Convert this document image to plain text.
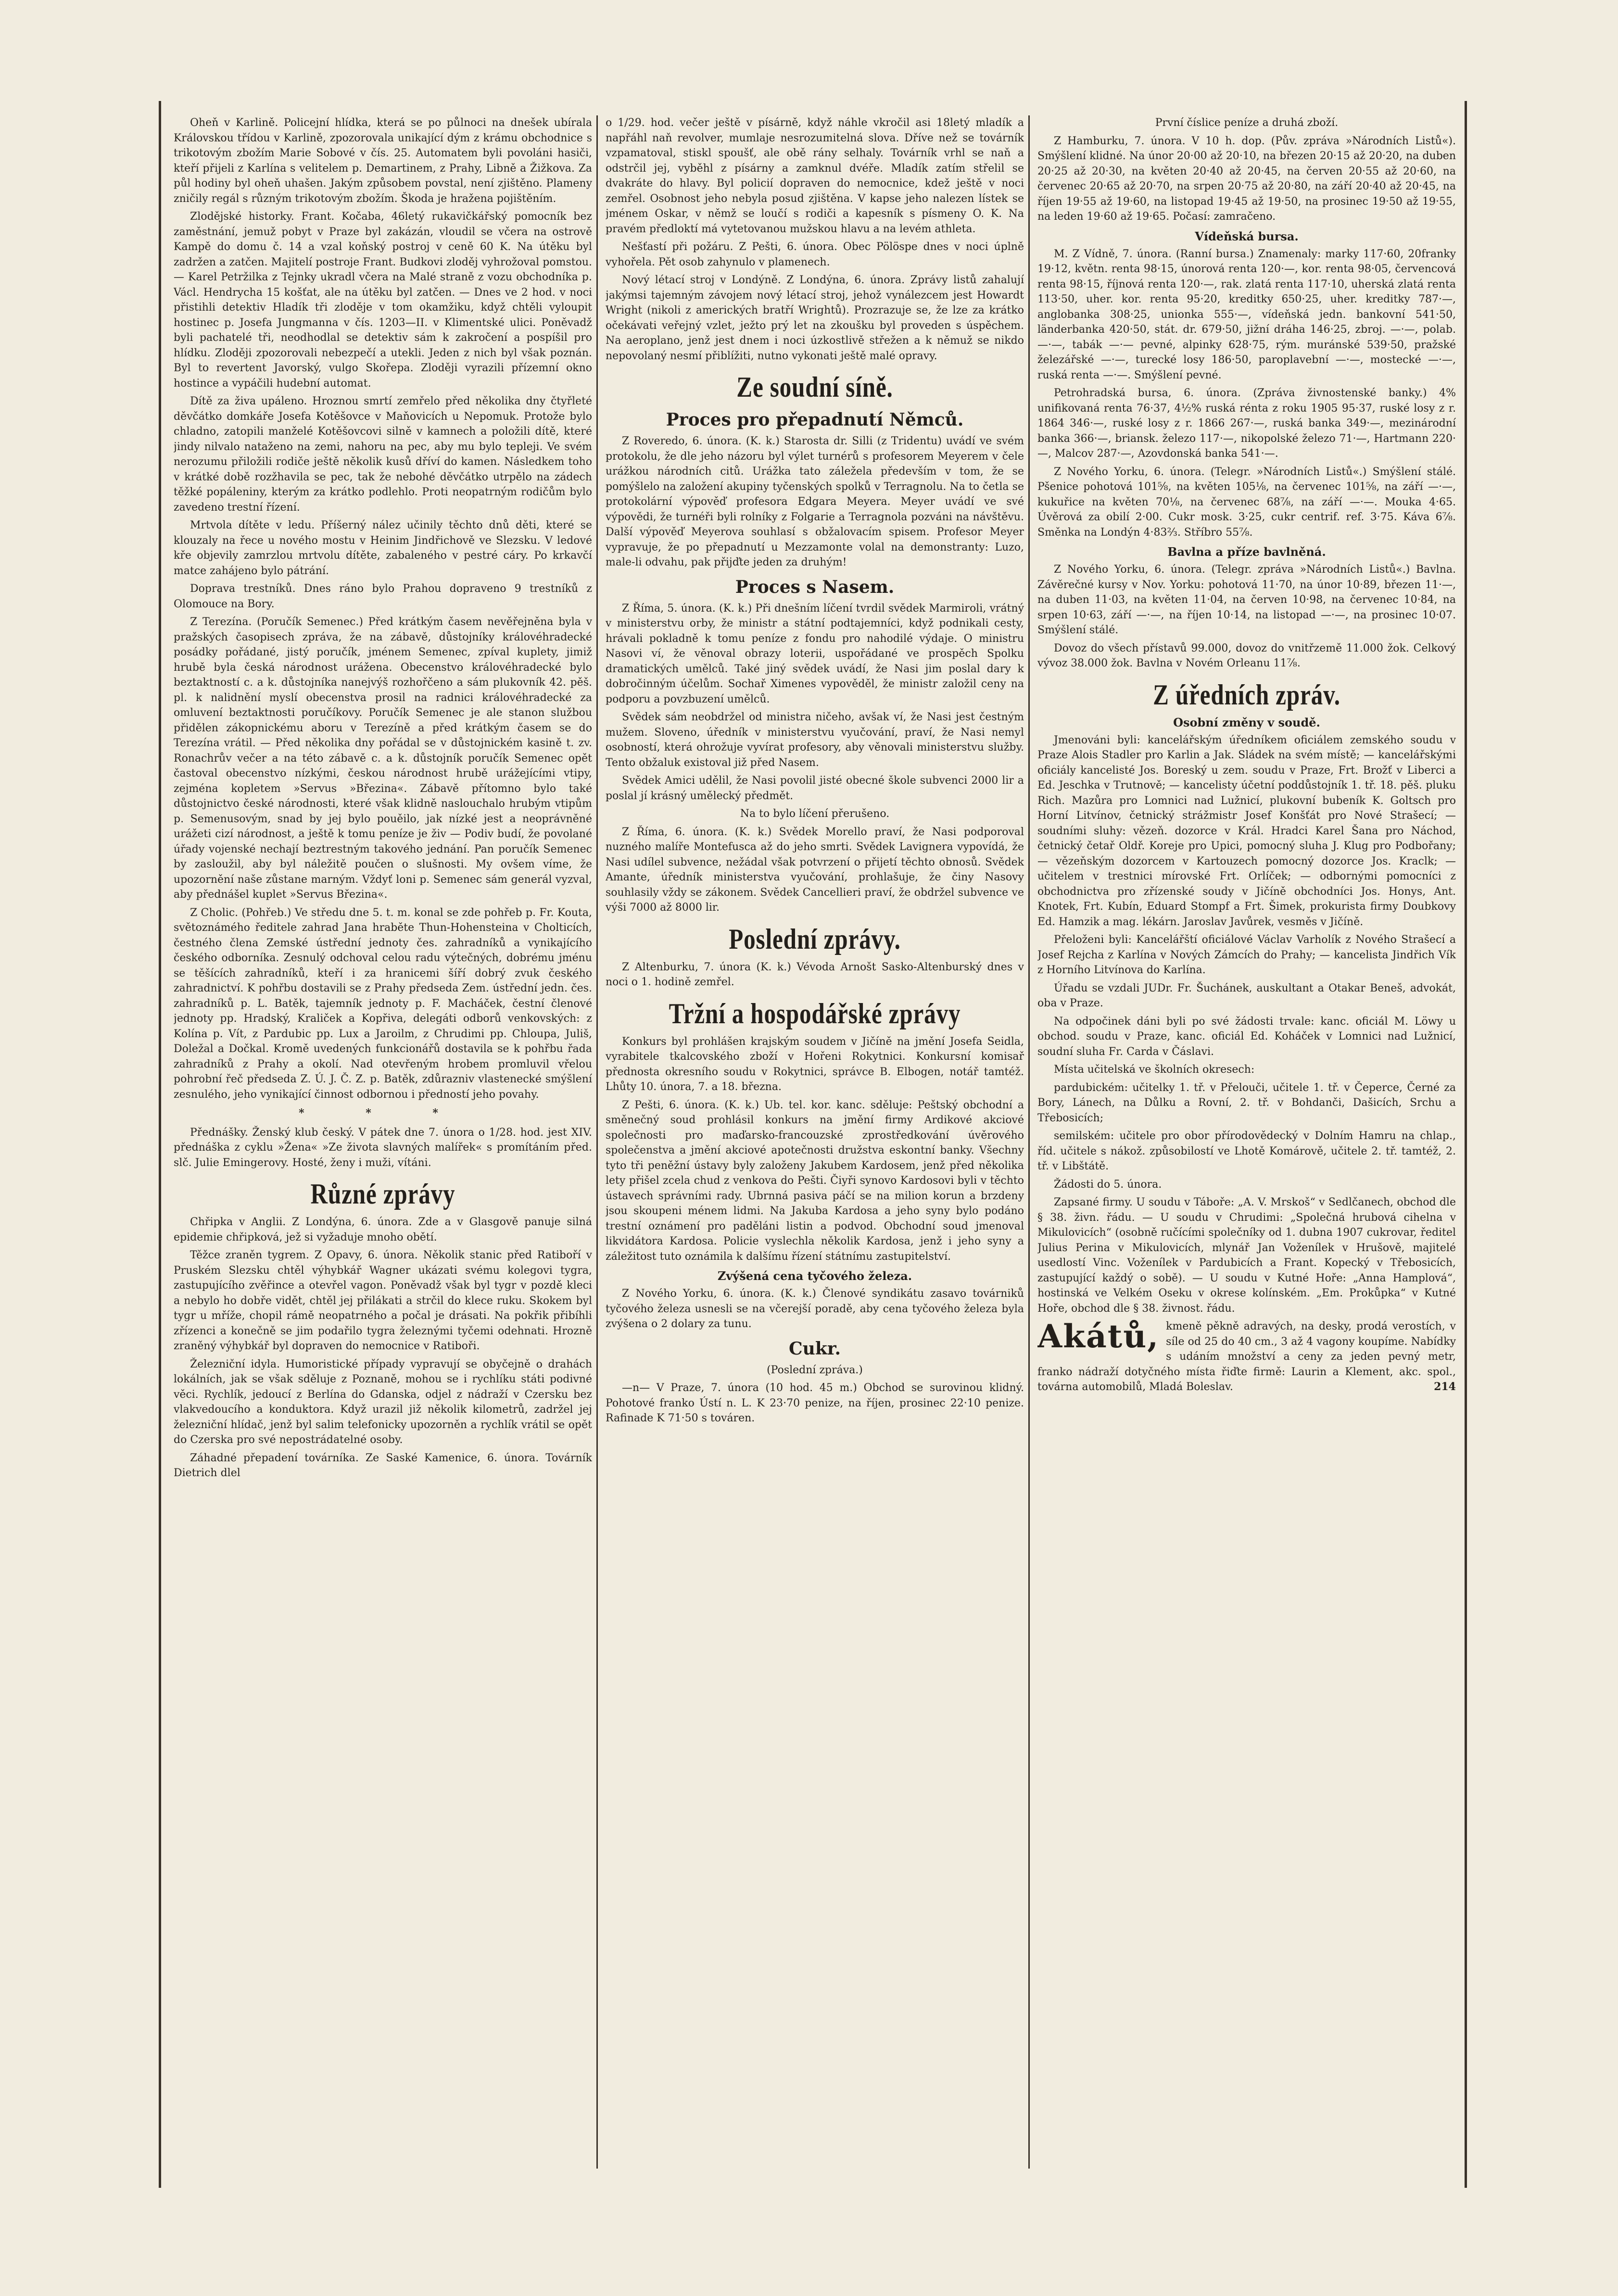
Oheň v Karlině. Policejní hlídka, která se po půlnoci na dnešek ubírala Královskou třídou v Karlině, zpozorovala unikající dým z krámu obchodnice s trikotovým zbožím Marie Sobové v čís. 25. Automatem byli povoláni hasiči, kteří přijeli z Karlína s velitelem p. Demartinem, z Prahy, Libně a Žižkova. Za půl hodiny byl oheň uhašen. Jakým způsobem povstal, není zjištěno. Plameny zničily regál s různým trikotovým zbožím. Škoda je hražena pojištěním.

Zlodějské historky. Frant. Kočaba, 46letý rukavičkářský pomocník bez zaměstnání, jemuž pobyt v Praze byl zakázán, vloudil se včera na ostrově Kampě do domu č. 14 a vzal koňský postroj v ceně 60 K. Na útěku byl zadržen a zatčen. Majitelí postroje Frant. Budkovi zloděj vyhrožoval pomstou. — Karel Petržilka z Tejnky ukradl včera na Malé straně z vozu obchodníka p. Václ. Hendrycha 15 košťat, ale na útěku byl zatčen. — Dnes ve 2 hod. v noci přistihli detektiv Hladík tři zloděje v tom okamžiku, když chtěli vyloupit hostinec p. Josefa Jungmanna v čís. 1203—II. v Klimentské ulici. Poněvadž byli pachatelé tři, neodhodlal se detektiv sám k zakročení a pospíšil pro hlídku. Zloději zpozorovali nebezpečí a utekli. Jeden z nich byl však poznán. Byl to revertent Javorský, vulgo Skořepa. Zloději vyrazili přízemní okno hostince a vypáčili hudební automat.

Dítě za živa upáleno. Hroznou smrtí zemřelo před několika dny čtyřleté děvčátko domkáře Josefa Kotěšovce v Maňovicích u Nepomuk. Protože bylo chladno, zatopili manželé Kotěšovcovi silně v kamnech a položili dítě, které jindy nilvalo nataženo na zemi, nahoru na pec, aby mu bylo tepleji. Ve svém nerozumu přiložili rodiče ještě několik kusů dříví do kamen. Následkem toho v krátké době rozžhavila se pec, tak že nebohé děvčátko utrpělo na zádech těžké popáleniny, kterým za krátko podlehlo. Proti neopatrným rodičům bylo zavedeno trestní řízení.

Mrtvola dítěte v ledu. Příšerný nález učinily těchto dnů děti, které se klouzaly na řece u nového mostu v Heinim Jindřichově ve Slezsku. V ledové kře objevily zamrzlou mrtvolu dítěte, zabaleného v pestré cáry. Po krkavčí matce zahájeno bylo pátrání.

Doprava trestníků. Dnes ráno bylo Prahou dopraveno 9 trestníků z Olomouce na Bory.

Z Terezína. (Poručík Semenec.) Před krátkým časem nevěřejněna byla v pražských časopisech zpráva, že na zábavě, důstojníky královéhradecké posádky pořádané, jistý poručík, jménem Semenec, zpíval kuplety, jimiž hrubě byla česká národnost urážena. Obecenstvo královéhradecké bylo beztaktností c. a k. důstojníka nanejvýš rozhořčeno a sám plukovník 42. pěš. pl. k nalidnění myslí obecenstva prosil na radnici královéhradecké za omluvení beztaktnosti poručíkovy. Poručík Semenec je ale stanon službou přidělen zákopnickému aboru v Terezíně a před krátkým časem se do Terezína vrátil. — Před několika dny pořádal se v důstojnickém kasině t. zv. Ronachrův večer a na této zábavě c. a k. důstojník poručík Semenec opět častoval obecenstvo nízkými, českou národnost hrubě urážejícími vtipy, zejména kopletem »Servus »Březina«. Zábavě přítomno bylo také důstojnictvo české národnosti, které však klidně naslouchalo hrubým vtipům p. Semenusovým, snad by jej bylo pouěilo, jak nízké jest a neoprávněné urážeti cizí národnost, a ještě k tomu peníze je živ — Podiv budí, že povolané úřady vojenské nechají beztrestným takového jednání. Pan poručík Semenec by zasloužil, aby byl náležitě poučen o slušnosti. My ovšem víme, že upozornění naše zůstane marným. Vždyť loni p. Semenec sám generál vyzval, aby přednášel kuplet »Servus Březina«.

Z Cholic. (Pohřeb.) Ve středu dne 5. t. m. konal se zde pohřeb p. Fr. Kouta, světoznámého ředitele zahrad Jana hraběte Thun-Hohensteina v Cholticích, čestného člena Zemské ústřední jednoty čes. zahradníků a vynikajícího českého odborníka. Zesnulý odchoval celou radu výtečných, dobrému jménu se těšících zahradníků, kteří i za hranicemi šíří dobrý zvuk českého zahradnictví. K pohřbu dostavili se z Prahy předseda Zem. ústřední jedn. čes. zahradníků p. L. Batěk, tajemník jednoty p. F. Macháček, čestní členové jednoty pp. Hradský, Kraliček a Kopřiva, delegáti odborů venkovských: z Kolína p. Vít, z Pardubic pp. Lux a Jaroilm, z Chrudimi pp. Chloupa, Juliš, Doležal a Dočkal. Kromě uvedených funkcionářů dostavila se k pohřbu řada zahradníků z Prahy a okolí. Nad otevřeným hrobem promluvil vřelou pohrobní řeč předseda Z. Ú. J. Č. Z. p. Batěk, zdůrazniv vlastenecké smýšlení zesnulého, jeho vynikající činnost odbornou i předností jeho povahy.

* * *

Přednášky. Ženský klub český. V pátek dne 7. února o 1/28. hod. jest XIV. přednáška z cyklu »Žena« »Ze života slavných malířek« s promítáním před. slč. Julie Emingerovy. Hosté, ženy i muži, vítáni.

Různé zprávy

Chřipka v Anglii. Z Londýna, 6. února. Zde a v Glasgově panuje silná epidemie chřipková, jež si vyžaduje mnoho obětí.

Těžce zraněn tygrem. Z Opavy, 6. února. Několik stanic před Ratiboří v Pruském Slezsku chtěl výhybkář Wagner ukázati svému kolegovi tygra, zastupujícího zvěřince a otevřel vagon. Poněvadž však byl tygr v pozdě kleci a nebylo ho dobře vidět, chtěl jej přilákati a strčil do klece ruku. Skokem byl tygr u mříže, chopil rámě neopatrného a počal je drásati. Na pokřik přibíhli zřízenci a konečně se jim podařilo tygra železnými tyčemi odehnati. Hrozně zraněný výhybkář byl dopraven do nemocnice v Ratiboři.

Železniční idyla. Humoristické případy vypravují se obyčejně o drahách lokálních, jak se však sděluje z Poznaně, mohou se i rychlíku státi podivné věci. Rychlík, jedoucí z Berlína do Gdanska, odjel z nádraží v Czersku bez vlakvedoucího a konduktora. Když urazil již několik kilometrů, zadržel jej železniční hlídač, jenž byl salim telefonicky upozorněn a rychlík vrátil se opět do Czerska pro své nepostrádatelné osoby.

Záhadné přepadení továrníka. Ze Saské Kamenice, 6. února. Továrník Dietrich dlel

o 1/29. hod. večer ještě v písárně, když náhle vkročil asi 18letý mladík a napřáhl naň revolver, mumlaje nesrozumitelná slova. Dříve než se továrník vzpamatoval, stiskl spoušť, ale obě rány selhaly. Továrník vrhl se naň a odstrčil jej, vyběhl z písárny a zamknul dvéře. Mladík zatím střelil se dvakráte do hlavy. Byl policií dopraven do nemocnice, kdež ještě v noci zemřel. Osobnost jeho nebyla posud zjištěna. V kapse jeho nalezen lístek se jménem Oskar, v němž se loučí s rodiči a kapesník s písmeny O. K. Na pravém předloktí má vytetovanou mužskou hlavu a na levém athleta.

Nešťastí při požáru. Z Pešti, 6. února. Obec Pölöspe dnes v noci úplně vyhořela. Pět osob zahynulo v plamenech.

Nový létací stroj v Londýně. Z Londýna, 6. února. Zprávy listů zahalují jakýmsi tajemným závojem nový létací stroj, jehož vynálezcem jest Howardt Wright (nikoli z amerických bratří Wrightů). Prozrazuje se, že lze za krátko očekávati veřejný vzlet, ježto prý let na zkoušku byl proveden s úspěchem. Na aeroplano, jenž jest dnem i noci úzkostlivě střežen a k němuž se nikdo nepovolaný nesmí přiblížiti, nutno vykonati ještě malé opravy.

Ze soudní síně.
Proces pro přepadnutí Němců.

Z Roveredo, 6. února. (K. k.) Starosta dr. Silli (z Tridentu) uvádí ve svém protokolu, že dle jeho názoru byl výlet turnérů s profesorem Meyerem v čele urážkou národních citů. Urážka tato záležela především v tom, že se pomýšlelo na založení akupiny tyčenských spolků v Terragnolu. Na to četla se protokolární výpověď profesora Edgara Meyera. Meyer uvádí ve své výpovědi, že turnéři byli rolníky z Folgarie a Terragnola pozváni na návštěvu. Další výpověď Meyerova souhlasí s obžalovacím spisem. Profesor Meyer vypravuje, že po přepadnutí u Mezzamonte volal na demonstranty: Luzo, male-li odvahu, pak přijďte jeden za druhým!

Proces s Nasem.

Z Říma, 5. února. (K. k.) Při dnešním líčení tvrdil svědek Marmiroli, vrátný v ministerstvu orby, že ministr a státní podtajemníci, když podnikali cesty, hrávali pokladně k tomu peníze z fondu pro nahodilé výdaje. O ministru Nasovi ví, že věnoval obrazy loterii, uspořádané ve prospěch Spolku dramatických umělců. Také jiný svědek uvádí, že Nasi jim poslal dary k dobročinným účelům. Sochař Ximenes vypověděl, že ministr založil ceny na podporu a povzbuzení umělců.

Svědek sám neobdržel od ministra ničeho, avšak ví, že Nasi jest čestným mužem. Sloveno, úředník v ministerstvu vyučování, praví, že Nasi nemyl osobností, která ohrožuje vyvírat profesory, aby věnovali ministerstvu služby. Tento obžaluk existoval již před Nasem.

Svědek Amici udělil, že Nasi povolil jisté obecné škole subvenci 2000 lir a poslal jí krásný umělecký předmět.

Na to bylo líčení přerušeno.

Z Říma, 6. února. (K. k.) Svědek Morello praví, že Nasi podporoval nuzného malíře Montefusca až do jeho smrti. Svědek Lavignera vypovídá, že Nasi udílel subvence, nežádal však potvrzení o přijetí těchto obnosů. Svědek Amante, úředník ministerstva vyučování, prohlašuje, že činy Nasovy souhlasily vždy se zákonem. Svědek Cancellieri praví, že obdržel subvence ve výši 7000 až 8000 lir.

Poslední zprávy.

Z Altenburku, 7. února (K. k.) Vévoda Arnošt Sasko-Altenburský dnes v noci o 1. hodině zemřel.

Tržní a hospodářské zprávy

Konkurs byl prohlášen krajským soudem v Jičíně na jmění Josefa Seidla, vyrabitele tkalcovského zboží v Hořeni Rokytnici. Konkursní komisař přednosta okresního soudu v Rokytnici, správce B. Elbogen, notář tamtéž. Lhůty 10. února, 7. a 18. března.

Z Pešti, 6. února. (K. k.) Ub. tel. kor. kanc. sděluje: Peštský obchodní a směnečný soud prohlásil konkurs na jmění firmy Ardikové akciové společnosti pro maďarsko-francouzské zprostředkování úvěrového společenstva a jmění akciové apotečnosti družstva eskontní banky. Všechny tyto tři peněžní ústavy byly založeny Jakubem Kardosem, jenž před několika lety přišel zcela chud z venkova do Pešti. Čiyři synovo Kardosovi byli v těchto ústavech správními rady. Ubrnná pasiva páčí se na milion korun a brzdeny jsou skoupeni ménem lidmi. Na Jakuba Kardosa a jeho syny bylo podáno trestní oznámení pro paděláni listin a podvod. Obchodní soud jmenoval likvidátora Kardosa. Policie vyslechla několik Kardosa, jenž i jeho syny a záležitost tuto oznámila k dalšímu řízení státnímu zastupitelství.

Zvýšená cena tyčového železa.

Z Nového Yorku, 6. února. (K. k.) Členové syndikátu zasavo továrniků tyčového železa usnesli se na včerejší poradě, aby cena tyčového železa byla zvýšena o 2 dolary za tunu.

Cukr.

(Poslední zpráva.)

—n— V Praze, 7. února (10 hod. 45 m.) Obchod se surovinou klidný. Pohotové franko Ústí n. L. K 23·70 penize, na říjen, prosinec 22·10 penize. Rafinade K 71·50 s továren.

První číslice peníze a druhá zboží.

Z Hamburku, 7. února. V 10 h. dop. (Pův. zpráva »Národních Listů«). Smýšlení klidné. Na únor 20·00 až 20·10, na březen 20·15 až 20·20, na duben 20·25 až 20·30, na květen 20·40 až 20·45, na červen 20·55 až 20·60, na červenec 20·65 až 20·70, na srpen 20·75 až 20·80, na září 20·40 až 20·45, na říjen 19·55 až 19·60, na listopad 19·45 až 19·50, na prosinec 19·50 až 19·55, na leden 19·60 až 19·65. Počasí: zamračeno.

Vídeňská bursa.

M. Z Vídně, 7. února. (Ranní bursa.) Znamenaly: marky 117·60, 20franky 19·12, květn. renta 98·15, únorová renta 120·—, kor. renta 98·05, červencová renta 98·15, říjnová renta 120·—, rak. zlatá renta 117·10, uherská zlatá renta 113·50, uher. kor. renta 95·20, kreditky 650·25, uher. kreditky 787·—, anglobanka 308·25, unionka 555·—, vídeňská jedn. bankovní 541·50, länderbanka 420·50, stát. dr. 679·50, jižní dráha 146·25, zbroj. —·—, polab. —·—, tabák —·— pevné, alpinky 628·75, rým. muránské 539·50, pražské železářské —·—, turecké losy 186·50, paroplavební —·—, mostecké —·—, ruská renta —·—. Smýšlení pevné.

Petrohradská bursa, 6. února. (Zpráva živnostenské banky.) 4% unifikovaná renta 76·37, 4½% ruská rénta z roku 1905 95·37, ruské losy z r. 1864 346·—, ruské losy z r. 1866 267·—, ruská banka 349·—, mezinárodní banka 366·—, briansk. železo 117·—, nikopolské železo 71·—, Hartmann 220·—, Malcov 287·—, Azovdonská banka 541·—.

Z Nového Yorku, 6. února. (Telegr. »Národních Listů«.) Smýšlení stálé. Pšenice pohotová 101⅝, na květen 105⅛, na červenec 101⅝, na září —·—, kukuřice na květen 70⅛, na červenec 68⅞, na září —·—. Mouka 4·65. Úvěrová za obilí 2·00. Cukr mosk. 3·25, cukr centrif. ref. 3·75. Káva 6⅞. Směnka na Londýn 4·83⅔. Stříbro 55⅞.

Bavlna a příze bavlněná.

Z Nového Yorku, 6. února. (Telegr. zpráva »Národních Listů«.) Bavlna. Závěrečné kursy v Nov. Yorku: pohotová 11·70, na únor 10·89, březen 11·—, na duben 11·03, na květen 11·04, na červen 10·98, na červenec 10·84, na srpen 10·63, září —·—, na říjen 10·14, na listopad —·—, na prosinec 10·07. Smýšlení stálé.

Dovoz do všech přístavů 99.000, dovoz do vnitřzemě 11.000 žok. Celkový vývoz 38.000 žok. Bavlna v Novém Orleanu 11⅞.

Z úředních zpráv.
Osobní změny v soudě.

Jmenováni byli: kancelářským úředníkem oficiálem zemského soudu v Praze Alois Stadler pro Karlin a Jak. Sládek na svém místě; — kancelářskými oficiály kancelisté Jos. Boreský u zem. soudu v Praze, Frt. Brožť v Liberci a Ed. Jeschka v Trutnově; — kancelisty účetní poddůstojník 1. tř. 18. pěš. pluku Rich. Mazůra pro Lomnici nad Lužnicí, plukovní bubeník K. Goltsch pro Horní Litvínov, četnický strážmistr Josef Konšťát pro Nové Strašecí; — soudními sluhy: vězeň. dozorce v Král. Hradci Karel Šana pro Náchod, četnický četař Oldř. Koreje pro Upici, pomocný sluha J. Klug pro Podbořany; — vězeňským dozorcem v Kartouzech pomocný dozorce Jos. Kraclk; — učitelem v trestnici mírovské Frt. Orlíček; — odbornými pomocníci z obchodnictva pro zřízenské soudy v Jičíně obchodníci Jos. Honys, Ant. Knotek, Frt. Kubín, Eduard Stompf a Frt. Šimek, prokurista firmy Doubkovy Ed. Hamzik a mag. lékárn. Jaroslav Javůrek, vesměs v Jičíně.

Přeloženi byli: Kancelářští oficiálové Václav Varholík z Nového Strašecí a Josef Rejcha z Karlína v Nových Zámcích do Prahy; — kancelista Jindřich Vík z Horního Litvínova do Karlína.

Úřadu se vzdali JUDr. Fr. Šuchánek, auskultant a Otakar Beneš, advokát, oba v Praze.

Na odpočinek dáni byli po své žádosti trvale: kanc. oficiál M. Löwy u obchod. soudu v Praze, kanc. oficiál Ed. Koháček v Lomnici nad Lužnicí, soudní sluha Fr. Carda v Čáslavi.

Místa učitelská ve školních okresech:

pardubickém: učitelky 1. tř. v Přelouči, učitele 1. tř. v Čeperce, Černé za Bory, Lánech, na Důlku a Rovní, 2. tř. v Bohdanči, Dašicích, Srchu a Třebosicích;

semilském: učitele pro obor přírodovědecký v Dolním Hamru na chlap., říd. učitele s nákož. způsobilostí ve Lhotě Komárově, učitele 2. tř. tamtéž, 2. tř. v Libštátě.

Žádosti do 5. února.

Zapsané firmy. U soudu v Táboře: „A. V. Mrskoš“ v Sedlčanech, obchod dle § 38. živn. řádu. — U soudu v Chrudimi: „Společná hrubová cihelna v Mikulovicích“ (osobně ručícími společníky od 1. dubna 1907 cukrovar, ředitel Julius Perina v Mikulovicích, mlynář Jan Voženílek v Hrušově, majitelé usedlostí Vinc. Voženílek v Pardubicích a Frant. Kopecký v Třebosicích, zastupující každý o sobě). — U soudu v Kutné Hoře: „Anna Hamplová“, hostinská ve Velkém Oseku v okrese kolínském. „Em. Prokůpka“ v Kutné Hoře, obchod dle § 38. živnost. řádu.

Akátů, kmeně pěkně adravých, na desky, prodá verostích, v síle od 25 do 40 cm., 3 až 4 vagony koupíme. Nabídky s udáním množství a ceny za jeden pevný metr, franko nádraží dotyčného místa řiďte firmě: Laurin a Klement, akc. spol., továrna automobilů, Mladá Boleslav.	214
